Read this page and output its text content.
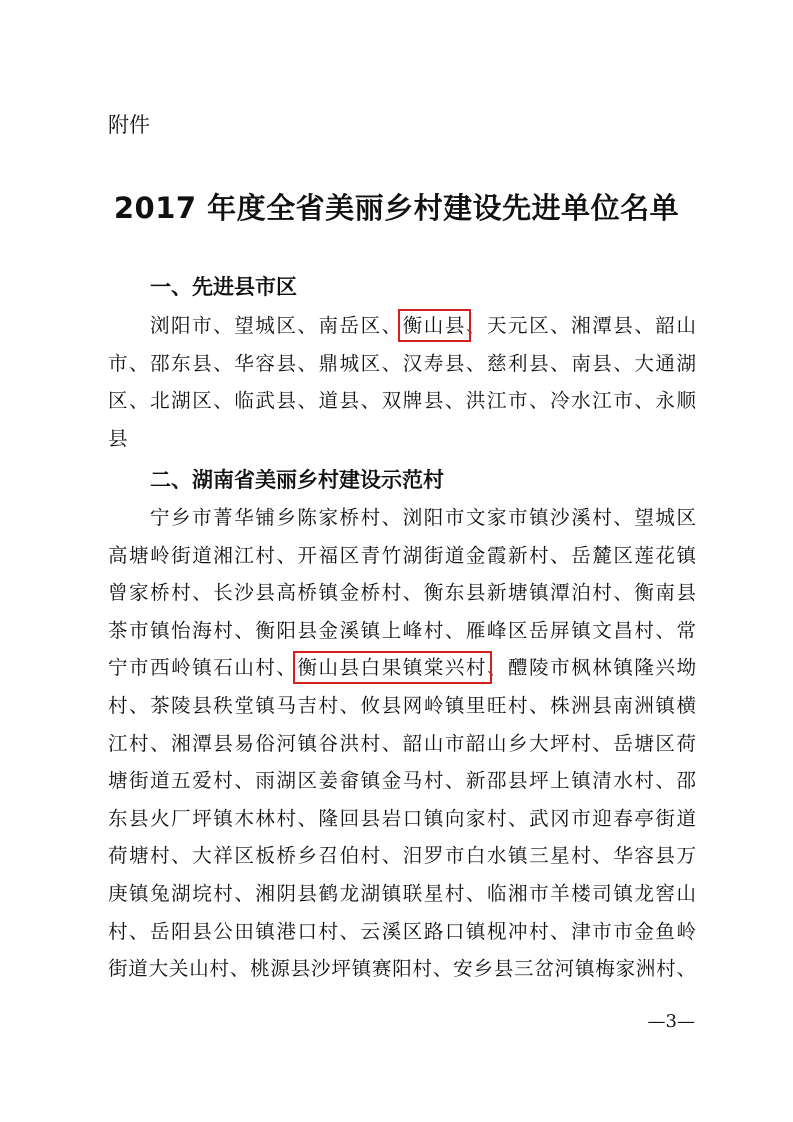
附件

2017 年度全省美丽乡村建设先进单位名单
一、先进县市区
浏阳市、望城区、南岳区、衡山县、天元区、湘潭县、韶山
市、邵东县、华容县、鼎城区、汉寿县、慈利县、南县、大通湖
区、北湖区、临武县、道县、双牌县、洪江市、冷水江市、永顺
县
二、湖南省美丽乡村建设示范村
宁乡市菁华铺乡陈家桥村、浏阳市文家市镇沙溪村、望城区
高塘岭街道湘江村、开福区青竹湖街道金霞新村、岳麓区莲花镇
曾家桥村、长沙县高桥镇金桥村、衡东县新塘镇潭泊村、衡南县
茶市镇怡海村、衡阳县金溪镇上峰村、雁峰区岳屏镇文昌村、常
宁市西岭镇石山村、衡山县白果镇棠兴村、醴陵市枫林镇隆兴坳
村、茶陵县秩堂镇马吉村、攸县网岭镇里旺村、株洲县南洲镇横
江村、湘潭县易俗河镇谷洪村、韶山市韶山乡大坪村、岳塘区荷
塘街道五爱村、雨湖区姜畲镇金马村、新邵县坪上镇清水村、邵
东县火厂坪镇木林村、隆回县岩口镇向家村、武冈市迎春亭街道
荷塘村、大祥区板桥乡召伯村、汨罗市白水镇三星村、华容县万
庚镇兔湖垸村、湘阴县鹤龙湖镇联星村、临湘市羊楼司镇龙窖山
村、岳阳县公田镇港口村、云溪区路口镇枧冲村、津市市金鱼岭
街道大关山村、桃源县沙坪镇赛阳村、安乡县三岔河镇梅家洲村、

—3—
